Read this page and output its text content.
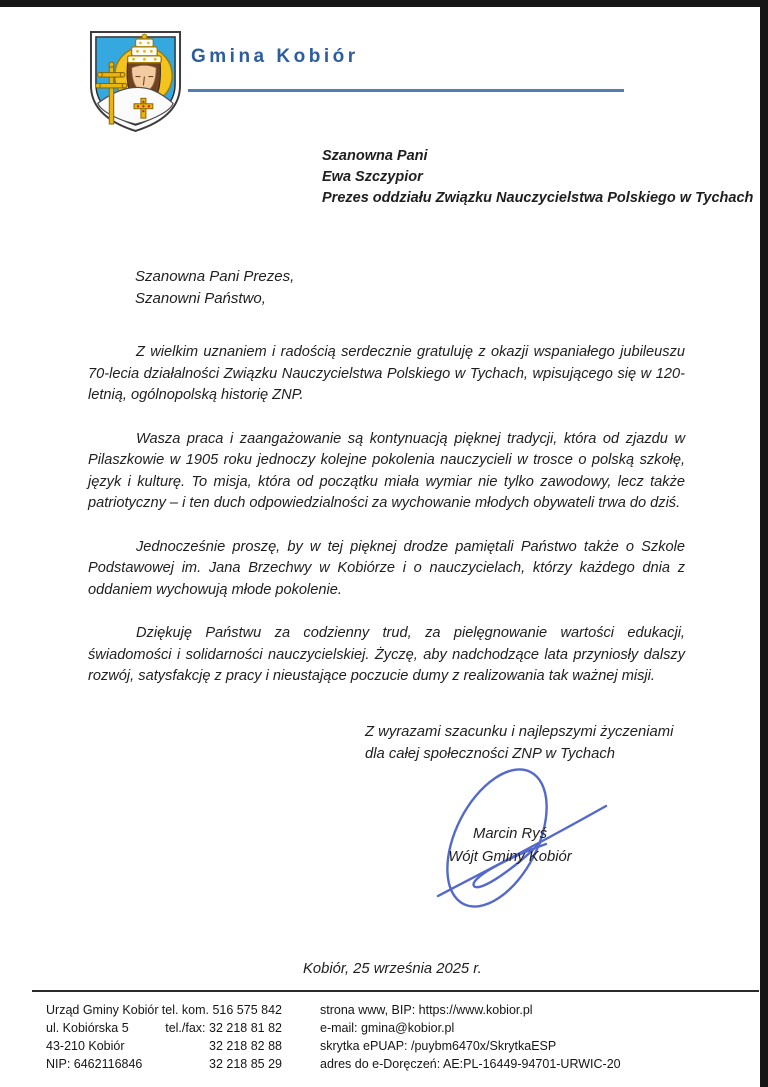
Gmina Kobiór
Szanowna Pani
Ewa Szczypior
Prezes oddziału Związku Nauczycielstwa Polskiego w Tychach
Szanowna Pani Prezes,
Szanowni Państwo,

Z wielkim uznaniem i radością serdecznie gratuluję z okazji wspaniałego jubileuszu 70-lecia działalności Związku Nauczycielstwa Polskiego w Tychach, wpisującego się w 120-letnią, ogólnopolską historię ZNP.

Wasza praca i zaangażowanie są kontynuacją pięknej tradycji, która od zjazdu w Pilaszkowie w 1905 roku jednoczy kolejne pokolenia nauczycieli w trosce o polską szkołę, język i kulturę. To misja, która od początku miała wymiar nie tylko zawodowy, lecz także patriotyczny – i ten duch odpowiedzialności za wychowanie młodych obywateli trwa do dziś.

Jednocześnie proszę, by w tej pięknej drodze pamiętali Państwo także o Szkole Podstawowej im. Jana Brzechwy w Kobiórze i o nauczycielach, którzy każdego dnia z oddaniem wychowują młode pokolenie.

Dziękuję Państwu za codzienny trud, za pielęgnowanie wartości edukacji, świadomości i solidarności nauczycielskiej. Życzę, aby nadchodzące lata przyniosły dalszy rozwój, satysfakcję z pracy i nieustające poczucie dumy z realizowania tak ważnej misji.

Z wyrazami szacunku i najlepszymi życzeniami
dla całej społeczności ZNP w Tychach
Marcin Ryś
Wójt Gminy Kobiór
Kobiór, 25 września 2025 r.
Urząd Gminy Kobiór
ul. Kobiórska 5
43-210 Kobiór
NIP: 6462116846
tel. kom. 516 575 842
tel./fax: 32 218 81 82
32 218 82 88
32 218 85 29
strona www, BIP: https://www.kobior.pl
e-mail: gmina@kobior.pl
skrytka ePUAP: /puybm6470x/SkrytkaESP
adres do e-Doręczeń: AE:PL-16449-94701-URWIC-20
